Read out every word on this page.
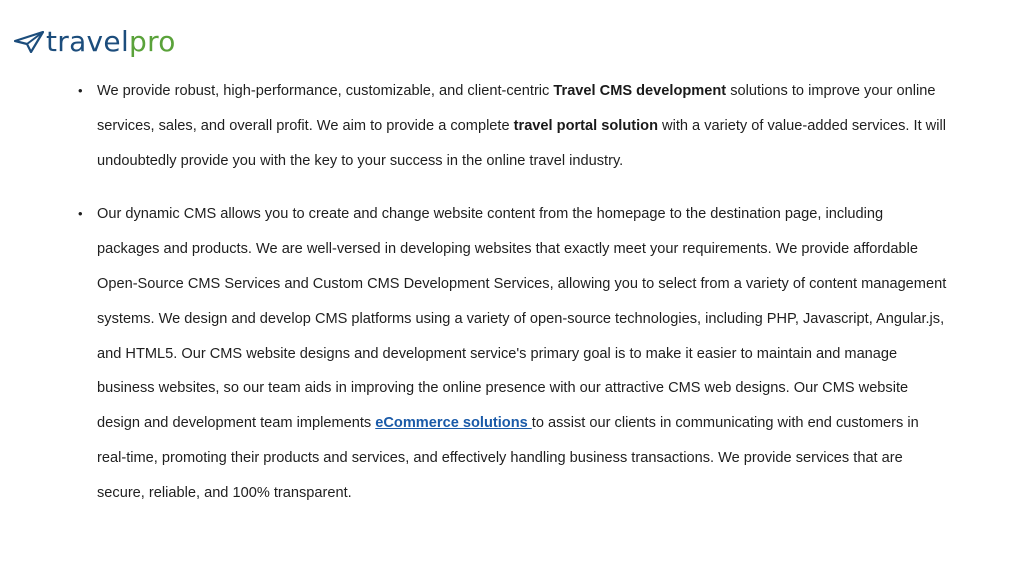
travelpro

• We provide robust, high-performance, customizable, and client-centric Travel CMS development solutions to improve your online services, sales, and overall profit. We aim to provide a complete travel portal solution with a variety of value-added services. It will undoubtedly provide you with the key to your success in the online travel industry.

• Our dynamic CMS allows you to create and change website content from the homepage to the destination page, including packages and products. We are well-versed in developing websites that exactly meet your requirements. We provide affordable Open-Source CMS Services and Custom CMS Development Services, allowing you to select from a variety of content management systems. We design and develop CMS platforms using a variety of open-source technologies, including PHP, Javascript, Angular.js, and HTML5. Our CMS website designs and development service's primary goal is to make it easier to maintain and manage business websites, so our team aids in improving the online presence with our attractive CMS web designs. Our CMS website design and development team implements eCommerce solutions to assist our clients in communicating with end customers in real-time, promoting their products and services, and effectively handling business transactions. We provide services that are secure, reliable, and 100% transparent.
